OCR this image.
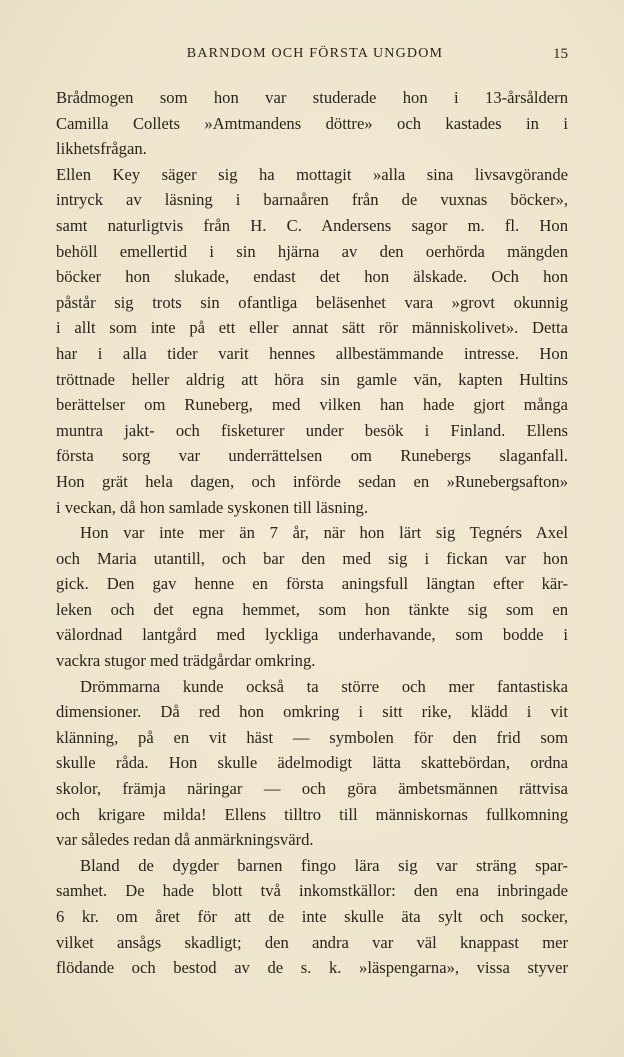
BARNDOM OCH FÖRSTA UNGDOM	15
Brådmogen som hon var studerade hon i 13-årsåldern
Camilla Collets »Amtmandens döttre» och kastades in i
likhetsfrågan.
Ellen Key säger sig ha mottagit »alla sina livsavgörande
intryck av läsning i barnaåren från de vuxnas böcker»,
samt naturligtvis från H. C. Andersens sagor m. fl. Hon
behöll emellertid i sin hjärna av den oerhörda mängden
böcker hon slukade, endast det hon älskade. Och hon
påstår sig trots sin ofantliga beläsenhet vara »grovt okunnig
i allt som inte på ett eller annat sätt rör människolivet». Detta
har i alla tider varit hennes allbestämmande intresse. Hon
tröttnade heller aldrig att höra sin gamle vän, kapten Hultins
berättelser om Runeberg, med vilken han hade gjort många
muntra jakt- och fisketurer under besök i Finland. Ellens
första sorg var underrättelsen om Runebergs slaganfall.
Hon grät hela dagen, och införde sedan en »Runebergsafton»
i veckan, då hon samlade syskonen till läsning.
Hon var inte mer än 7 år, när hon lärt sig Tegnérs Axel
och Maria utantill, och bar den med sig i fickan var hon
gick. Den gav henne en första aningsfull längtan efter kär-
leken och det egna hemmet, som hon tänkte sig som en
välordnad lantgård med lyckliga underhavande, som bodde i
vackra stugor med trädgårdar omkring.
Drömmarna kunde också ta större och mer fantastiska
dimensioner. Då red hon omkring i sitt rike, klädd i vit
klänning, på en vit häst — symbolen för den frid som
skulle råda. Hon skulle ädelmodigt lätta skattebördan, ordna
skolor, främja näringar — och göra ämbetsmännen rättvisa
och krigare milda! Ellens tilltro till människornas fullkomning
var således redan då anmärkningsvärd.
Bland de dygder barnen fingo lära sig var sträng spar-
samhet. De hade blott två inkomstkällor: den ena inbringade
6 kr. om året för att de inte skulle äta sylt och socker,
vilket ansågs skadligt; den andra var väl knappast mer
flödande och bestod av de s. k. »läspengarna», vissa styver
